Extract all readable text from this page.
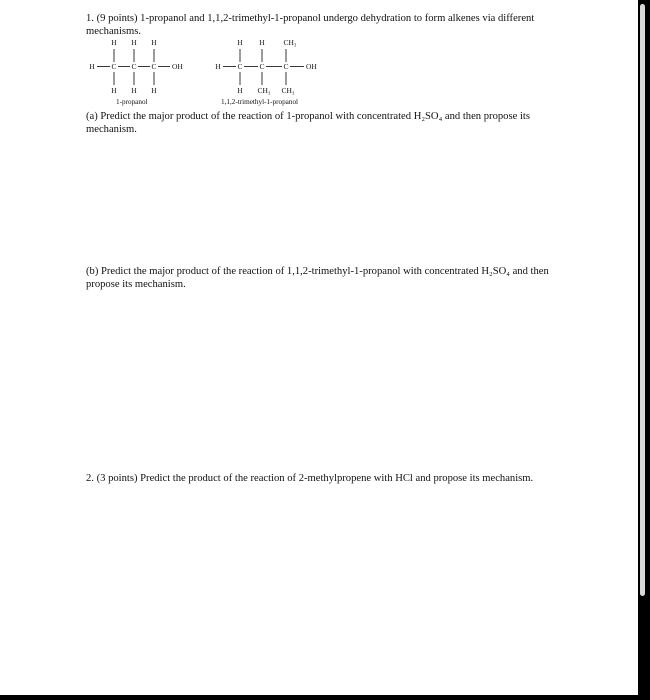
1. (9 points) 1-propanol and 1,1,2-trimethyl-1-propanol undergo dehydration to form alkenes via different mechanisms.

H H H
H C C C OH
H H H
1-propanol
H H	CH₃
H C C	C OH
H CH₃ CH₃
1,1,2-trimethyl-1-propanol

(a) Predict the major product of the reaction of 1-propanol with concentrated H₂SO₄ and then propose its mechanism.

(b) Predict the major product of the reaction of 1,1,2-trimethyl-1-propanol with concentrated H₂SO₄ and then propose its mechanism.

2. (3 points) Predict the product of the reaction of 2-methylpropene with HCl and propose its mechanism.
